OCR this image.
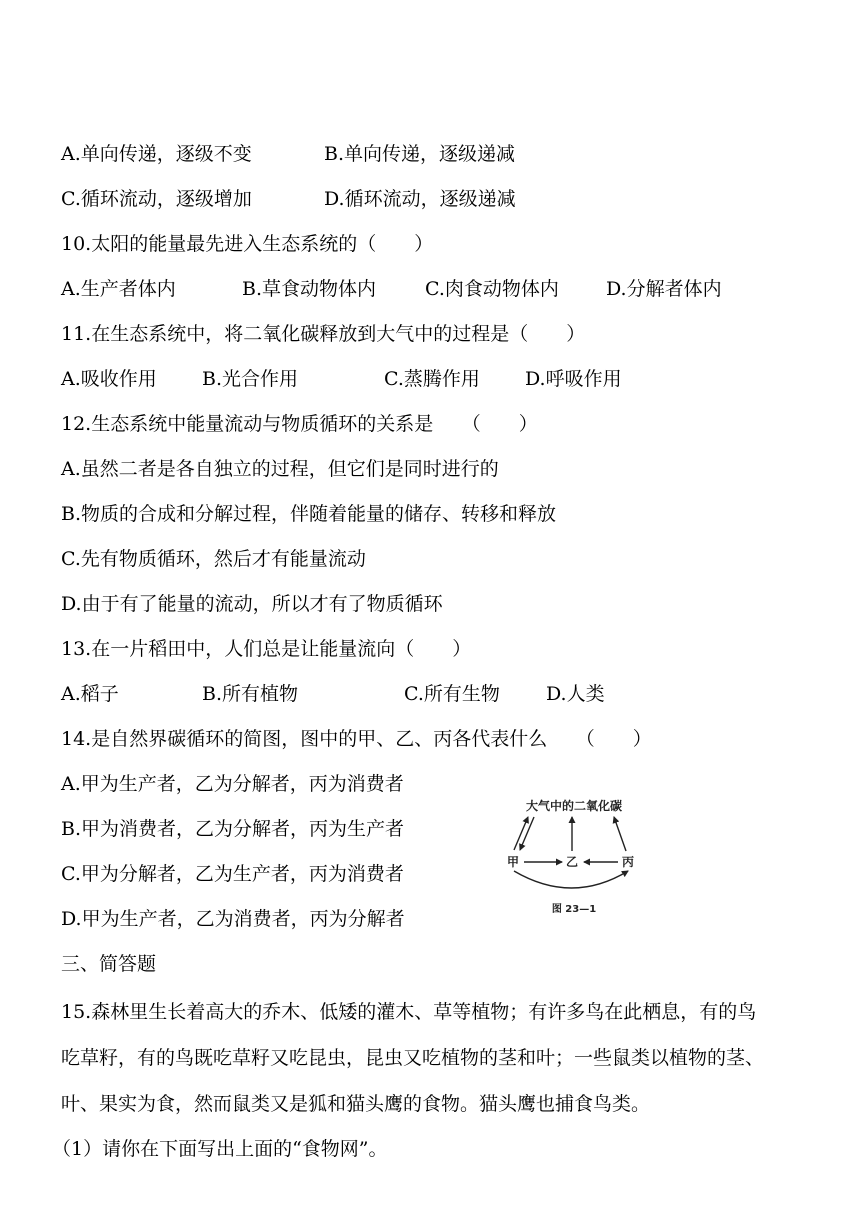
A.单向传递，逐级不变	B.单向传递，逐级递减
C.循环流动，逐级增加	D.循环流动，逐级递减
10.太阳的能量最先进入生态系统的（　　）
A.生产者体内	B.草食动物体内	C.肉食动物体内 D.分解者体内
11.在生态系统中，将二氧化碳释放到大气中的过程是（　　）
A.吸收作用 B.光合作用	C.蒸腾作用 D.呼吸作用
12.生态系统中能量流动与物质循环的关系是　　（　　）
A.虽然二者是各自独立的过程，但它们是同时进行的
B.物质的合成和分解过程，伴随着能量的储存、转移和释放
C.先有物质循环，然后才有能量流动
D.由于有了能量的流动，所以才有了物质循环
13.在一片稻田中，人们总是让能量流向（　　）
A.稻子	B.所有植物	C.所有生物 D.人类
14.是自然界碳循环的简图，图中的甲、乙、丙各代表什么　　（　　）
A.甲为生产者，乙为分解者，丙为消费者
B.甲为消费者，乙为分解者，丙为生产者
C.甲为分解者，乙为生产者，丙为消费者
D.甲为生产者，乙为消费者，丙为分解者
大气中的二氧化碳
甲	乙	丙
图 23—1
三、简答题
15.森林里生长着高大的乔木、低矮的灌木、草等植物；有许多鸟在此栖息，有的鸟
吃草籽，有的鸟既吃草籽又吃昆虫，昆虫又吃植物的茎和叶；一些鼠类以植物的茎、
叶、果实为食，然而鼠类又是狐和猫头鹰的食物。猫头鹰也捕食鸟类。
（1）请你在下面写出上面的“食物网”。
